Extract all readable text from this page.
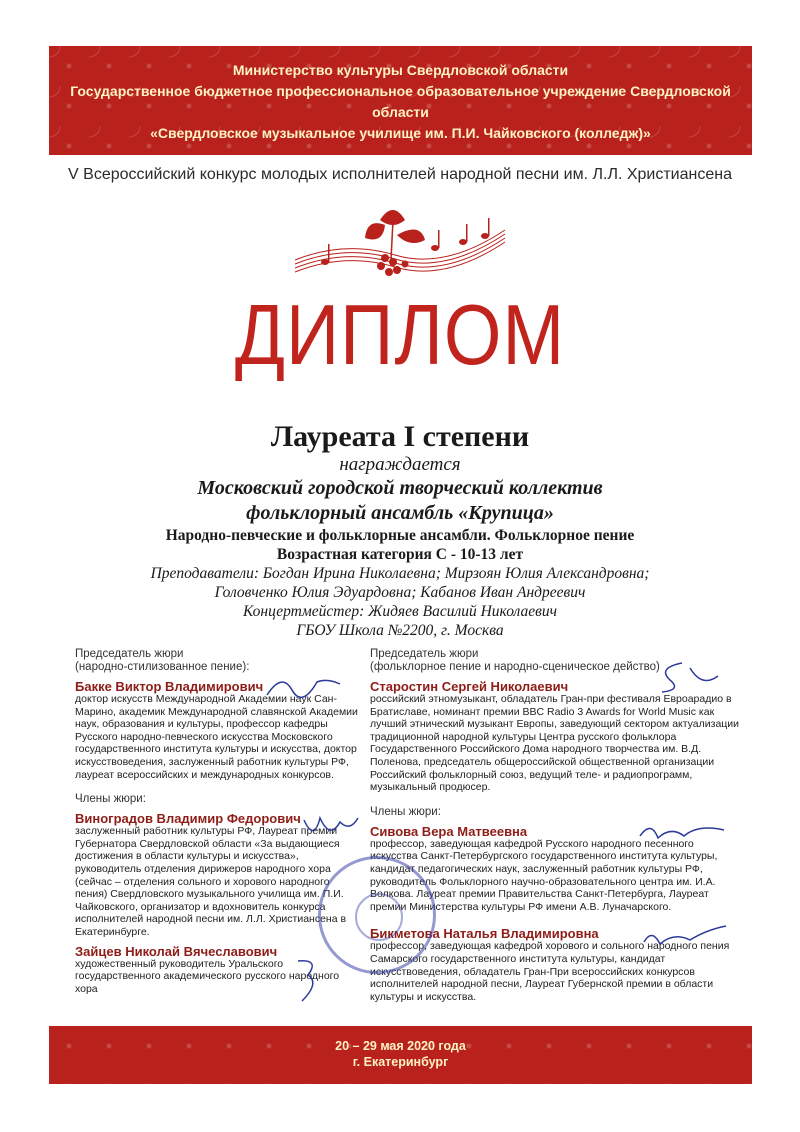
Министерство культуры Свердловской области
Государственное бюджетное профессиональное образовательное учреждение Свердловской области
«Свердловское музыкальное училище им. П.И. Чайковского (колледж)»
V Всероссийский конкурс молодых исполнителей народной песни им. Л.Л. Христиансена
ДИПЛОМ
Лауреата I степени
награждается
Московский городской творческий коллектив
фольклорный ансамбль «Крупица»
Народно-певческие и фольклорные ансамбли. Фольклорное пение
Возрастная категория С - 10-13 лет
Преподаватели: Богдан Ирина Николаевна; Мирзоян Юлия Александровна;
Головченко Юлия Эдуардовна; Кабанов Иван Андреевич
Концертмейстер: Жидяев Василий Николаевич
ГБОУ Школа №2200, г. Москва
Председатель жюри
(народно-стилизованное пение):
Бакке Виктор Владимирович
доктор искусств Международной Академии наук Сан-Марино, академик Международной славянской Академии наук, образования и культуры, профессор кафедры Русского народно-певческого искусства Московского государственного института культуры и искусства, доктор искусствоведения, заслуженный работник культуры РФ, лауреат всероссийских и международных конкурсов.
Члены жюри:
Виноградов Владимир Федорович
заслуженный работник культуры РФ, Лауреат премии Губернатора Свердловской области «За выдающиеся достижения в области культуры и искусства», руководитель отделения дирижеров народного хора (сейчас – отделения сольного и хорового народного пения) Свердловского музыкального училища им. П.И. Чайковского, организатор и вдохновитель конкурса исполнителей народной песни им. Л.Л. Христиансена в Екатеринбурге.
Зайцев Николай Вячеславович
художественный руководитель Уральского государственного академического русского народного хора
Председатель жюри
(фольклорное пение и народно-сценическое действо)
Старостин Сергей Николаевич
российский этномузыкант, обладатель Гран-при фестиваля Евроарадио в Братиславе, номинант премии BBC Radio 3 Awards for World Music как лучший этнический музыкант Европы, заведующий сектором актуализации традиционной народной культуры Центра русского фольклора Государственного Российского Дома народного творчества им. В.Д. Поленова, председатель общероссийской общественной организации Российский фольклорный союз, ведущий теле- и радиопрограмм, музыкальный продюсер.
Члены жюри:
Сивова Вера Матвеевна
профессор, заведующая кафедрой Русского народного песенного искусства Санкт-Петербургского государственного института культуры, кандидат педагогических наук, заслуженный работник культуры РФ, руководитель Фольклорного научно-образовательного центра им. И.А. Волкова. Лауреат премии Правительства Санкт-Петербурга, Лауреат премии Министерства культуры РФ имени А.В. Луначарского.
Бикметова Наталья Владимировна
профессор, заведующая кафедрой хорового и сольного народного пения Самарского государственного института культуры, кандидат искусствоведения, обладатель Гран-При всероссийских конкурсов исполнителей народной песни, Лауреат Губернской премии в области культуры и искусства.
20 – 29 мая 2020 года
г. Екатеринбург
